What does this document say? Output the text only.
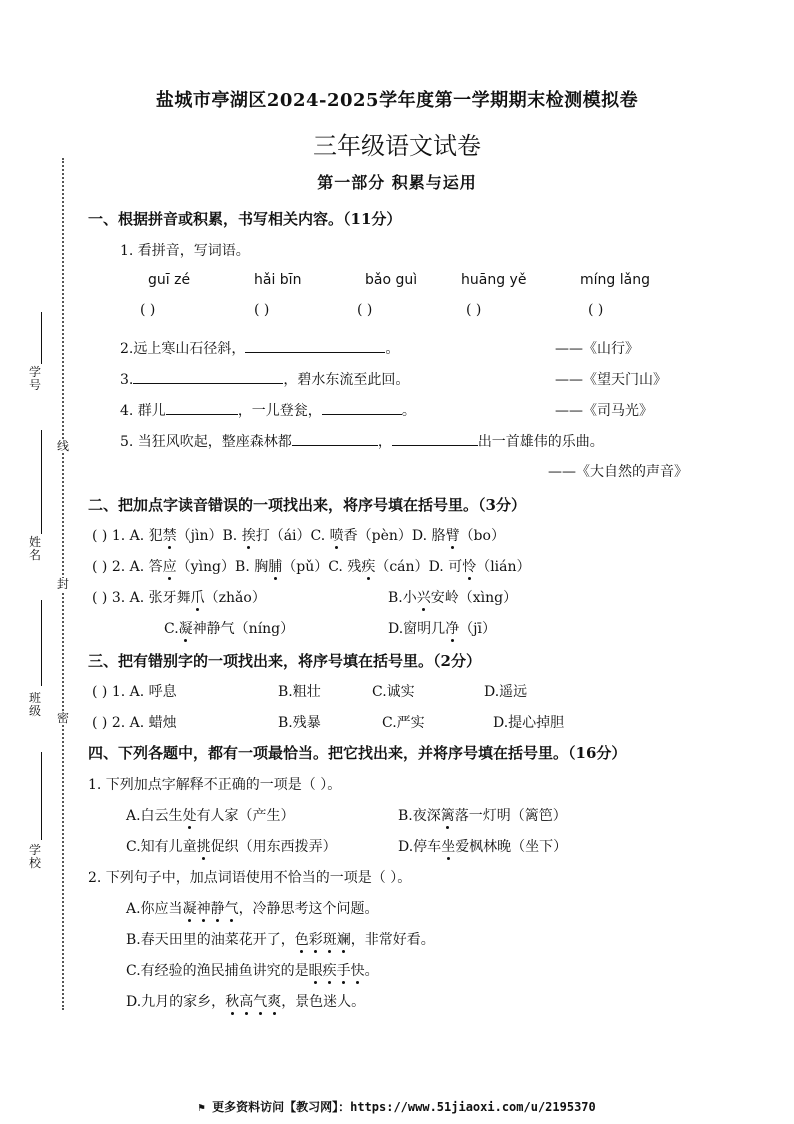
线
封
密
学号
姓名
班级
学校
盐城市亭湖区2024-2025学年度第一学期期末检测模拟卷
三年级语文试卷
第一部分 积累与运用
一、根据拼音或积累，书写相关内容。（11分）
1. 看拼音，写词语。
guī zé	hǎi bīn	bǎo guì	huāng yě	míng lǎng
( )	( )	( )	( )	( )
2.远上寒山石径斜，	。	——《山行》
3.	，碧水东流至此回。	——《望天门山》
4. 群儿	，一儿登瓮，	。	——《司马光》
5. 当狂风吹起，整座森林都	，	出一首雄伟的乐曲。
——《大自然的声音》
二、把加点字读音错误的一项找出来，将序号填在括号里。（3分）
( ) 1. A. 犯禁（jìn）B. 挨打（ái）C. 喷香（pèn）D. 胳臂（bo）
( ) 2. A. 答应（yìng）B. 胸脯（pǔ）C. 残疾（cán）D. 可怜（lián）
( ) 3. A. 张牙舞爪（zhǎo）	B.小兴安岭（xìng）
C.凝神静气（níng）	D.窗明几净（jī）
三、把有错别字的一项找出来，将序号填在括号里。（2分）
( ) 1. A. 呼息	B.粗壮	C.诚实	D.遥远
( ) 2. A. 蜡烛	B.残暴	C.严实	D.提心掉胆
四、下列各题中，都有一项最恰当。把它找出来，并将序号填在括号里。（16分）
1. 下列加点字解释不正确的一项是（ ）。
A.白云生处有人家（产生）	B.夜深篱落一灯明（篱笆）
C.知有儿童挑促织（用东西拨弄）	D.停车坐爱枫林晚（坐下）
2. 下列句子中，加点词语使用不恰当的一项是（ ）。
A.你应当凝神静气，冷静思考这个问题。
B.春天田里的油菜花开了，色彩斑斓，非常好看。
C.有经验的渔民捕鱼讲究的是眼疾手快。
D.九月的家乡，秋高气爽，景色迷人。
⚑ 更多资料访问【教习网】：https://www.51jiaoxi.com/u/2195370
